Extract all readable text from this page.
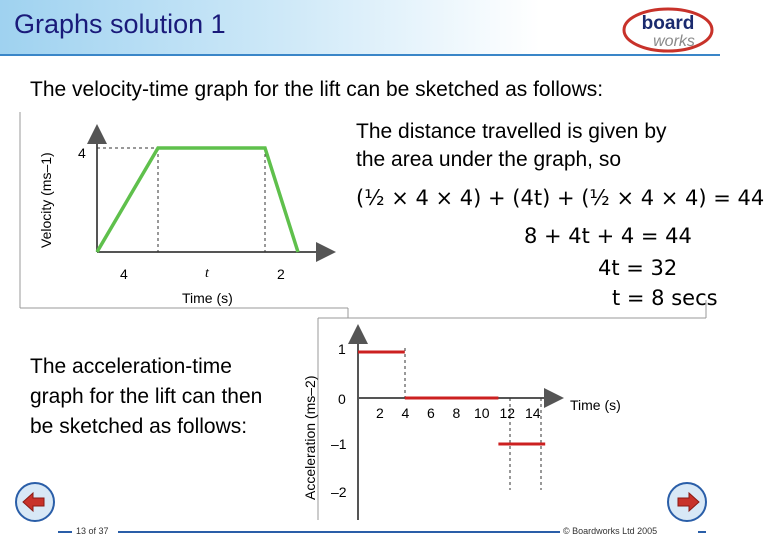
Graphs solution 1	board
works
The velocity-time graph for the lift can be sketched as follows:
Velocity (ms–1) 4
4	t	2
Time (s)
The distance travelled is given by the area under the graph, so
(½ × 4 × 4) + (4t) + (½ × 4 × 4) = 44
8 + 4t + 4 = 44
4t = 32
t = 8 secs
The acceleration-time graph for the lift can then be sketched as follows:	Acceleration (ms–2)
1
0
–1
–2
2 4 6 8 10 12 14 Time (s)
13 of 37	© Boardworks Ltd 2005
